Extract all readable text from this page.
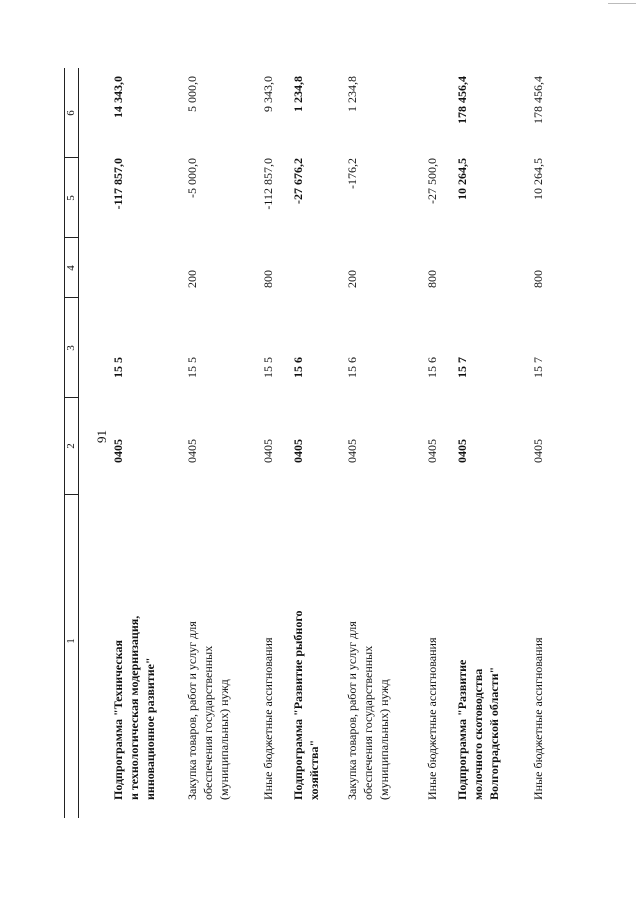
91
1
2
3
4
5
6
Подпрограмма "Техническая и технологическая модернизация, инновационное развитие"
0405
15 5
-117 857,0
14 343,0
Закупка товаров, работ и услуг для обеспечения государственных (муниципальных) нужд
0405
15 5
200
-5 000,0
5 000,0
Иные бюджетные ассигнования
0405
15 5
800
-112 857,0
9 343,0
Подпрограмма "Развитие рыбного хозяйства"
0405
15 6
-27 676,2
1 234,8
Закупка товаров, работ и услуг для обеспечения государственных (муниципальных) нужд
0405
15 6
200
-176,2
1 234,8
Иные бюджетные ассигнования
0405
15 6
800
-27 500,0
Подпрограмма "Развитие молочного скотоводства Волгоградской области"
0405
15 7
10 264,5
178 456,4
Иные бюджетные ассигнования
0405
15 7
800
10 264,5
178 456,4
